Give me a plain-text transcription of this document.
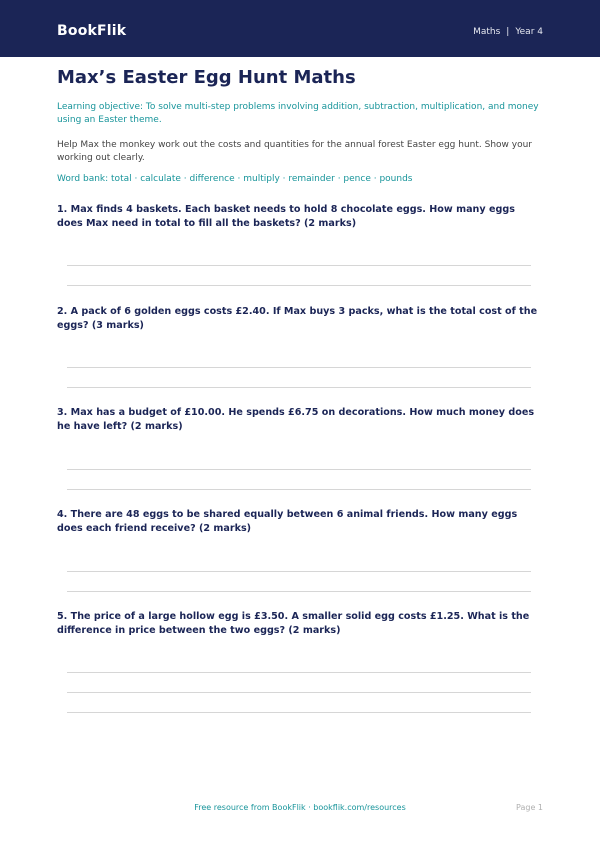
BookFlik	Maths | Year 4
Max’s Easter Egg Hunt Maths
Learning objective: To solve multi-step problems involving addition, subtraction, multiplication, and money using an Easter theme.
Help Max the monkey work out the costs and quantities for the annual forest Easter egg hunt. Show your working out clearly.
Word bank: total · calculate · difference · multiply · remainder · pence · pounds
1. Max finds 4 baskets. Each basket needs to hold 8 chocolate eggs. How many eggs does Max need in total to fill all the baskets? (2 marks)
2. A pack of 6 golden eggs costs £2.40. If Max buys 3 packs, what is the total cost of the eggs? (3 marks)
3. Max has a budget of £10.00. He spends £6.75 on decorations. How much money does he have left? (2 marks)
4. There are 48 eggs to be shared equally between 6 animal friends. How many eggs does each friend receive? (2 marks)
5. The price of a large hollow egg is £3.50. A smaller solid egg costs £1.25. What is the difference in price between the two eggs? (2 marks)
Free resource from BookFlik · bookflik.com/resources	Page 1
